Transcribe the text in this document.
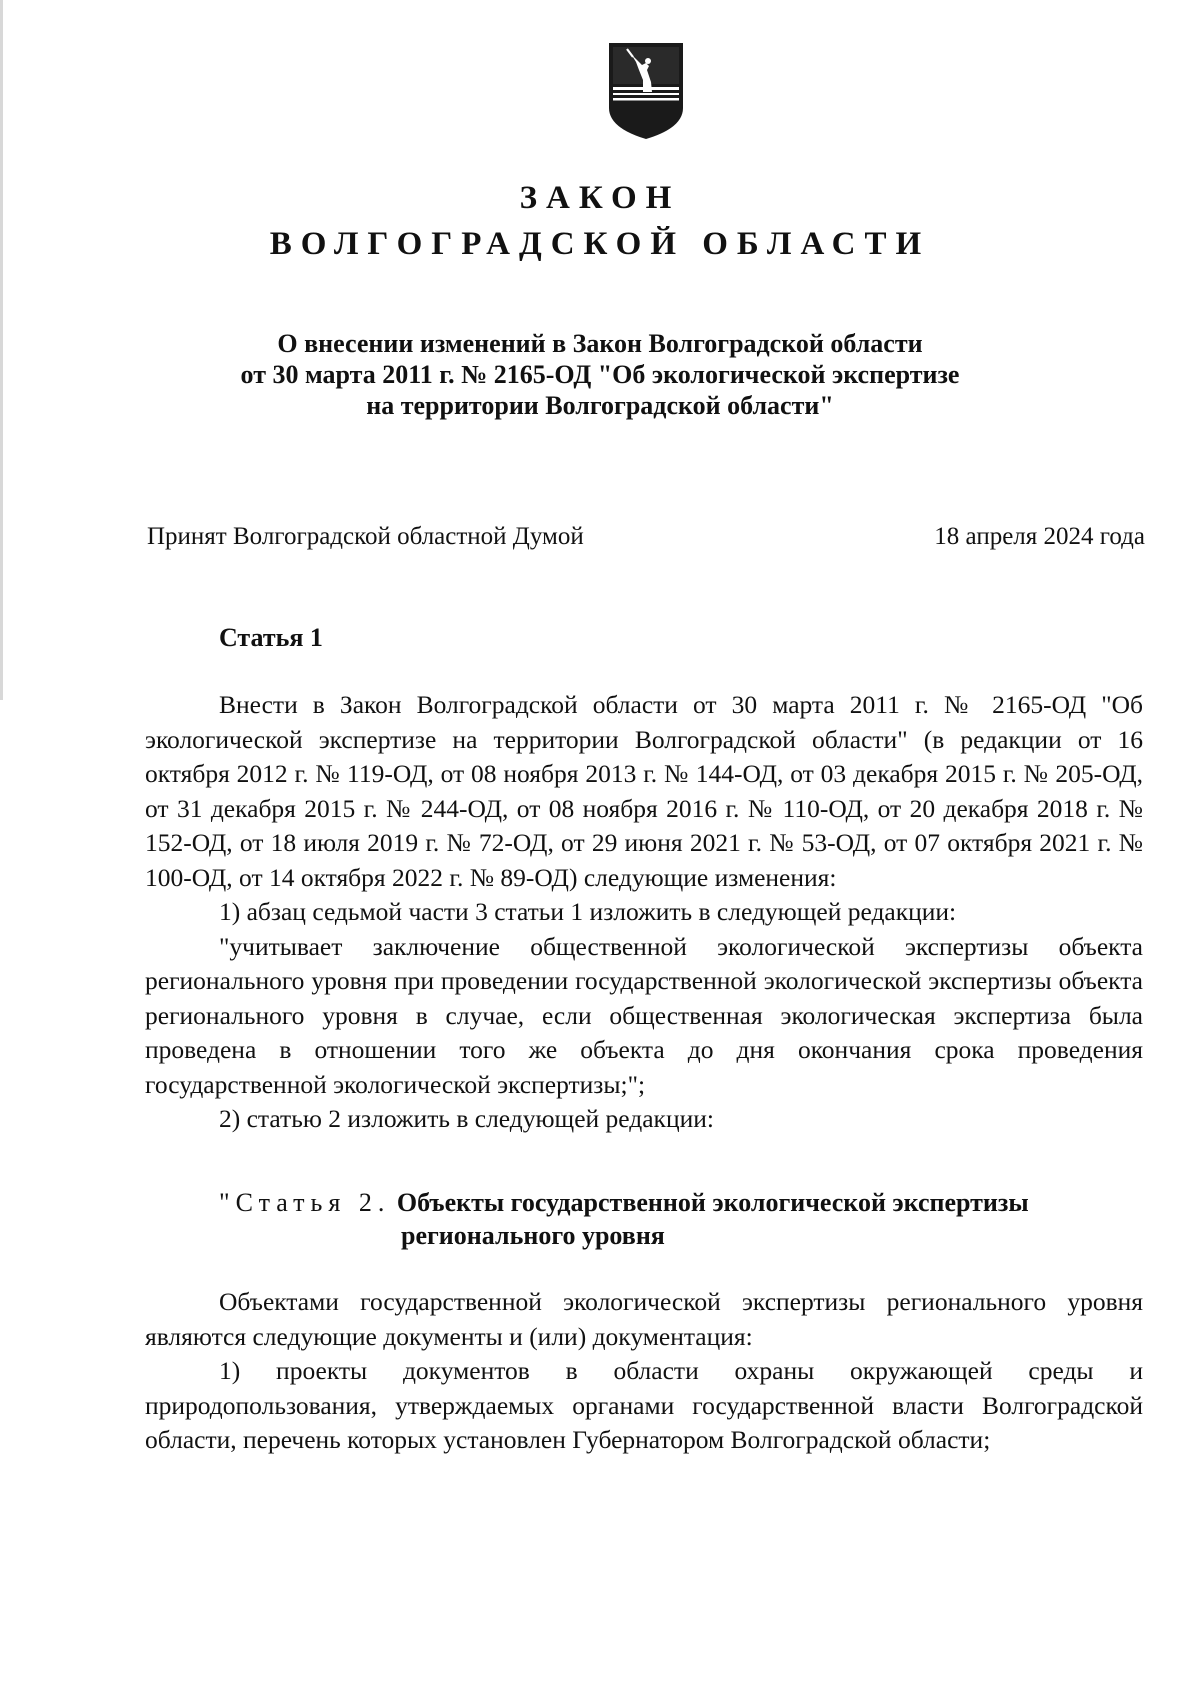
ЗАКОН
ВОЛГОГРАДСКОЙ ОБЛАСТИ
О внесении изменений в Закон Волгоградской области
от 30 марта 2011 г. № 2165-ОД "Об экологической экспертизе
на территории Волгоградской области"
Принят Волгоградской областной Думой	18 апреля 2024 года
Статья 1

Внести в Закон Волгоградской области от 30 марта 2011 г. № 2165-ОД "Об экологической экспертизе на территории Волгоградской области" (в редакции от 16 октября 2012 г. № 119-ОД, от 08 ноября 2013 г. № 144-ОД, от 03 декабря 2015 г. № 205-ОД, от 31 декабря 2015 г. № 244-ОД, от 08 ноября 2016 г. № 110-ОД, от 20 декабря 2018 г. № 152-ОД, от 18 июля 2019 г. № 72-ОД, от 29 июня 2021 г. № 53-ОД, от 07 октября 2021 г. № 100-ОД, от 14 октября 2022 г. № 89-ОД) следующие изменения:

1) абзац седьмой части 3 статьи 1 изложить в следующей редакции:

"учитывает заключение общественной экологической экспертизы объекта регионального уровня при проведении государственной экологической экспертизы объекта регионального уровня в случае, если общественная экологическая экспертиза была проведена в отношении того же объекта до дня окончания срока проведения государственной экологической экспертизы;";

2) статью 2 изложить в следующей редакции:

"Статья 2. Объекты государственной экологической экспертизы
регионального уровня

Объектами государственной экологической экспертизы регионального уровня являются следующие документы и (или) документация:

1) проекты документов в области охраны окружающей среды и природопользования, утверждаемых органами государственной власти Волгоградской области, перечень которых установлен Губернатором Волгоградской области;
